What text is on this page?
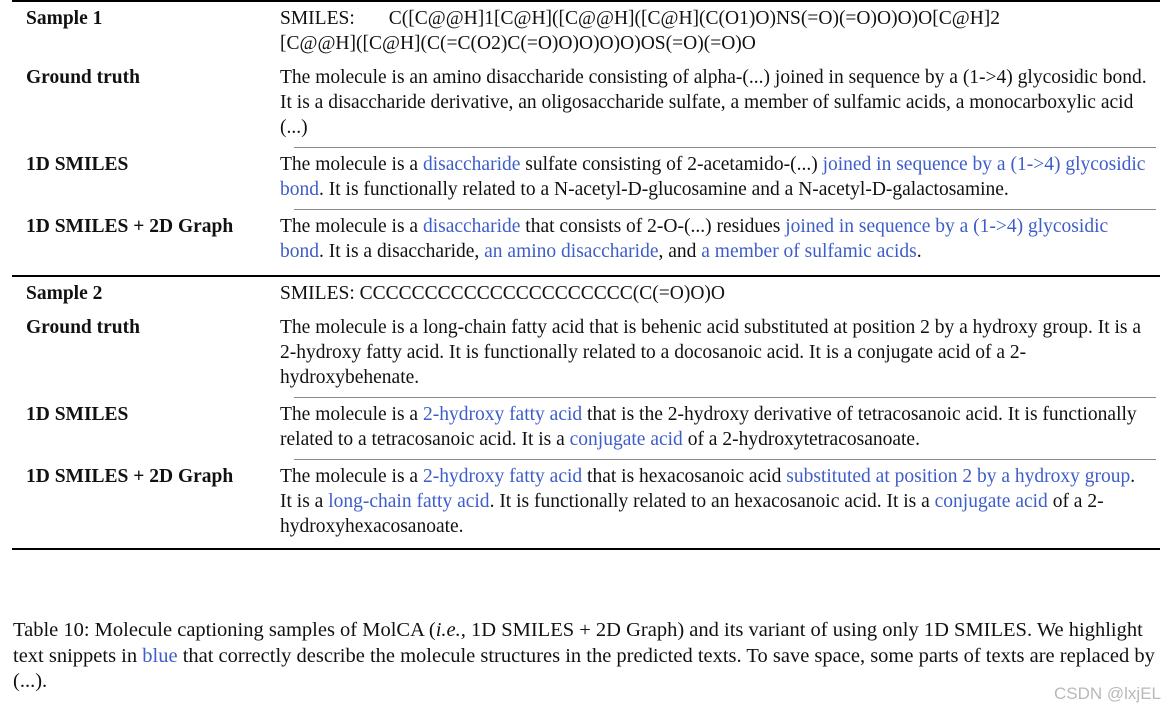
Sample 1	SMILES: C([C@@H]1[C@H]([C@@H]([C@H](C(O1)O)NS(=O)(=O)O)O)O[C@H]2
[C@@H]([C@H](C(=C(O2)C(=O)O)O)O)O)OS(=O)(=O)O
Ground truth	The molecule is an amino disaccharide consisting of alpha-(...) joined in sequence by a (1->4) glycosidic bond. It is a disaccharide derivative, an oligosaccharide sulfate, a member of sulfamic acids, a monocarboxylic acid (...)
1D SMILES	The molecule is a disaccharide sulfate consisting of 2-acetamido-(...) joined in sequence by a (1->4) glycosidic bond. It is functionally related to a N-acetyl-D-glucosamine and a N-acetyl-D-galactosamine.
1D SMILES + 2D Graph	The molecule is a disaccharide that consists of 2-O-(...) residues joined in sequence by a (1->4) glycosidic bond. It is a disaccharide, an amino disaccharide, and a member of sulfamic acids.
Sample 2	SMILES: CCCCCCCCCCCCCCCCCCCCC(C(=O)O)O
Ground truth	The molecule is a long-chain fatty acid that is behenic acid substituted at position 2 by a hydroxy group. It is a 2-hydroxy fatty acid. It is functionally related to a docosanoic acid. It is a conjugate acid of a 2-hydroxybehenate.
1D SMILES	The molecule is a 2-hydroxy fatty acid that is the 2-hydroxy derivative of tetracosanoic acid. It is functionally related to a tetracosanoic acid. It is a conjugate acid of a 2-hydroxytetracosanoate.
1D SMILES + 2D Graph	The molecule is a 2-hydroxy fatty acid that is hexacosanoic acid substituted at position 2 by a hydroxy group. It is a long-chain fatty acid. It is functionally related to an hexacosanoic acid. It is a conjugate acid of a 2-hydroxyhexacosanoate.
Table 10: Molecule captioning samples of MolCA (i.e., 1D SMILES + 2D Graph) and its variant of using only 1D SMILES. We highlight text snippets in blue that correctly describe the molecule structures in the predicted texts. To save space, some parts of texts are replaced by (...).
CSDN @lxjEL
